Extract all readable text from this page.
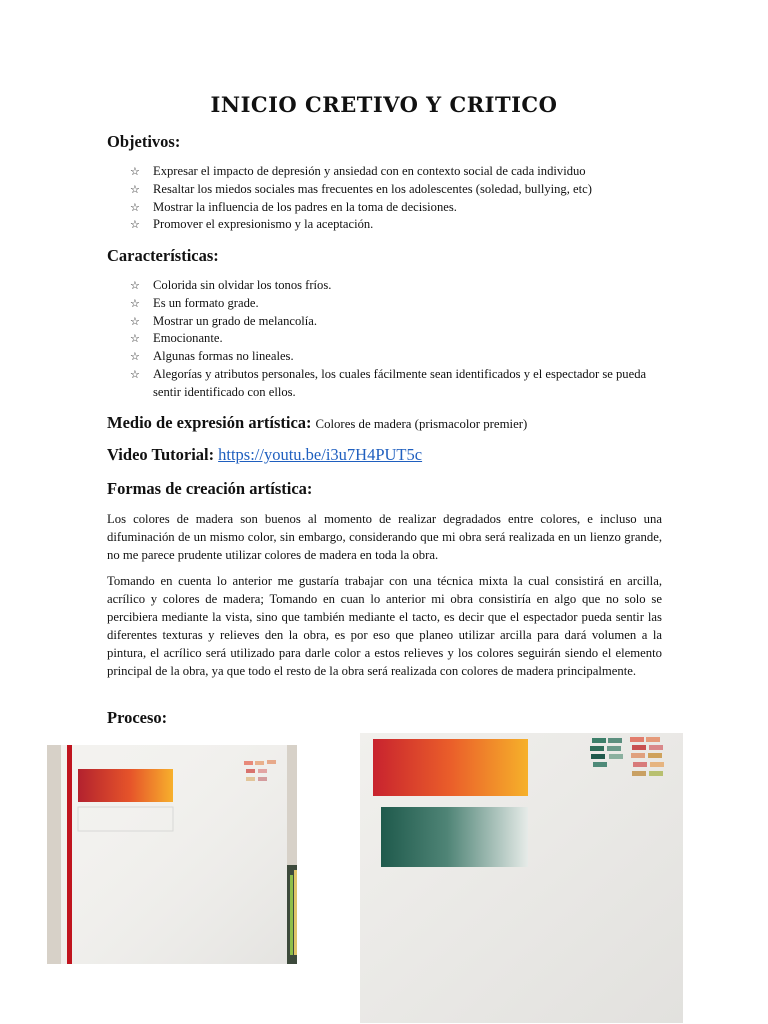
INICIO CRETIVO Y CRITICO
Objetivos:
☆ Expresar el impacto de depresión y ansiedad con en contexto social de cada individuo
☆ Resaltar los miedos sociales mas frecuentes en los adolescentes (soledad, bullying, etc)
☆ Mostrar la influencia de los padres en la toma de decisiones.
☆ Promover el expresionismo y la aceptación.
Características:
☆ Colorida sin olvidar los tonos fríos.
☆ Es un formato grade.
☆ Mostrar un grado de melancolía.
☆ Emocionante.
☆ Algunas formas no lineales.
☆ Alegorías y atributos personales, los cuales fácilmente sean identificados y el espectador se pueda sentir identificado con ellos.
Medio de expresión artística: Colores de madera (prismacolor premier)
Video Tutorial: https://youtu.be/i3u7H4PUT5c
Formas de creación artística:

Los colores de madera son buenos al momento de realizar degradados entre colores, e incluso una difuminación de un mismo color, sin embargo, considerando que mi obra será realizada en un lienzo grande, no me parece prudente utilizar colores de madera en toda la obra.

Tomando en cuenta lo anterior me gustaría trabajar con una técnica mixta la cual consistirá en arcilla, acrílico y colores de madera; Tomando en cuan lo anterior mi obra consistiría en algo que no solo se percibiera mediante la vista, sino que también mediante el tacto, es decir que el espectador pueda sentir las diferentes texturas y relieves den la obra, es por eso que planeo utilizar arcilla para dará volumen a la pintura, el acrílico será utilizado para darle color a estos relieves y los colores seguirán siendo el elemento principal de la obra, ya que todo el resto de la obra será realizada con colores de madera principalmente.

Proceso:
